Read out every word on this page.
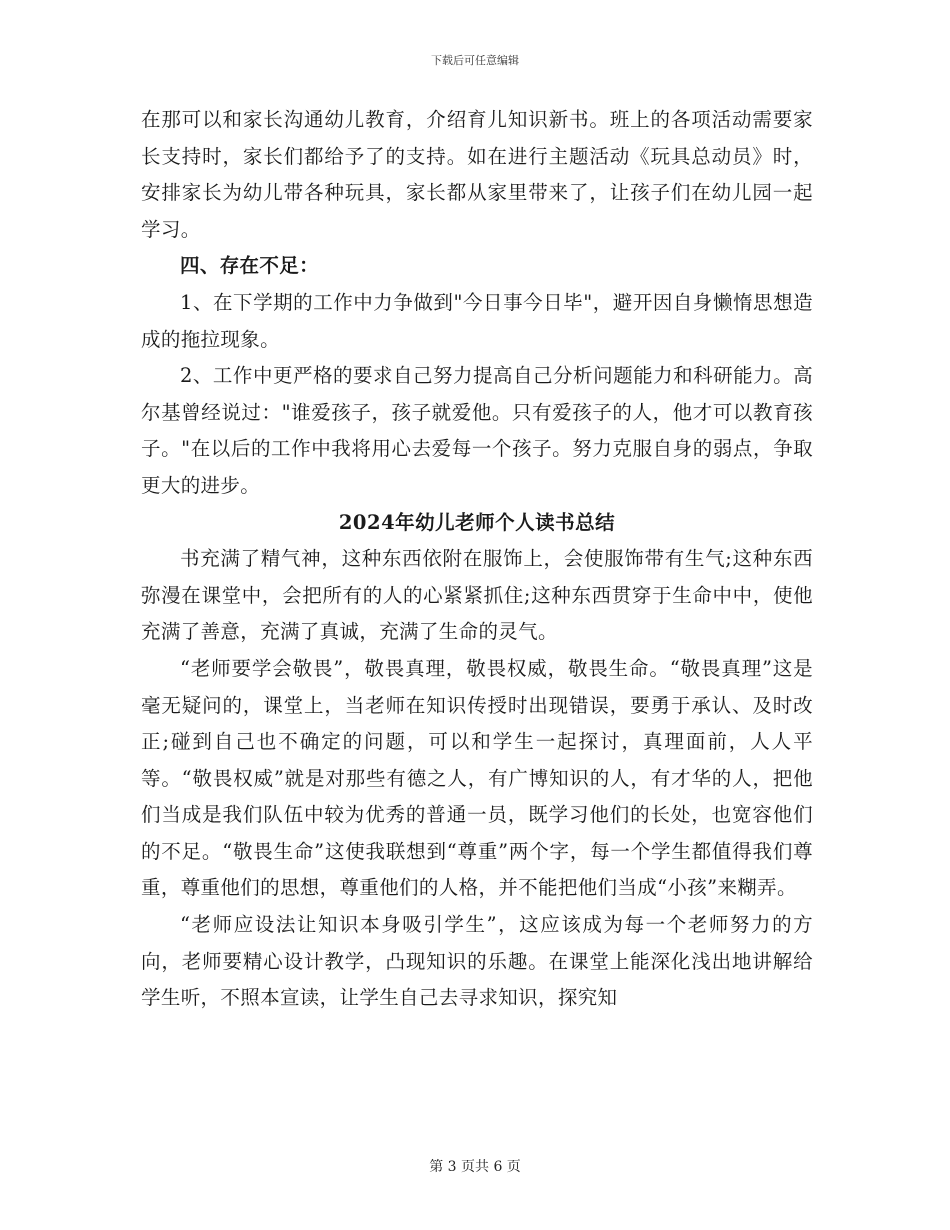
下载后可任意编辑

在那可以和家长沟通幼儿教育，介绍育儿知识新书。班上的各项活动需要家长支持时，家长们都给予了的支持。如在进行主题活动《玩具总动员》时，安排家长为幼儿带各种玩具，家长都从家里带来了，让孩子们在幼儿园一起学习。

四、存在不足：

1、在下学期的工作中力争做到"今日事今日毕"，避开因自身懒惰思想造成的拖拉现象。

2、工作中更严格的要求自己努力提高自己分析问题能力和科研能力。高尔基曾经说过："谁爱孩子，孩子就爱他。只有爱孩子的人，他才可以教育孩子。"在以后的工作中我将用心去爱每一个孩子。努力克服自身的弱点，争取更大的进步。

2024年幼儿老师个人读书总结

书充满了精气神，这种东西依附在服饰上，会使服饰带有生气;这种东西弥漫在课堂中，会把所有的人的心紧紧抓住;这种东西贯穿于生命中中，使他充满了善意，充满了真诚，充满了生命的灵气。

“老师要学会敬畏”，敬畏真理，敬畏权威，敬畏生命。“敬畏真理”这是毫无疑问的，课堂上，当老师在知识传授时出现错误，要勇于承认、及时改正;碰到自己也不确定的问题，可以和学生一起探讨，真理面前，人人平等。“敬畏权威”就是对那些有德之人，有广博知识的人，有才华的人，把他们当成是我们队伍中较为优秀的普通一员，既学习他们的长处，也宽容他们的不足。“敬畏生命”这使我联想到“尊重”两个字，每一个学生都值得我们尊重，尊重他们的思想，尊重他们的人格，并不能把他们当成“小孩”来糊弄。

“老师应设法让知识本身吸引学生”，这应该成为每一个老师努力的方向，老师要精心设计教学，凸现知识的乐趣。在课堂上能深化浅出地讲解给学生听，不照本宣读，让学生自己去寻求知识，探究知

第 3 页共 6 页
